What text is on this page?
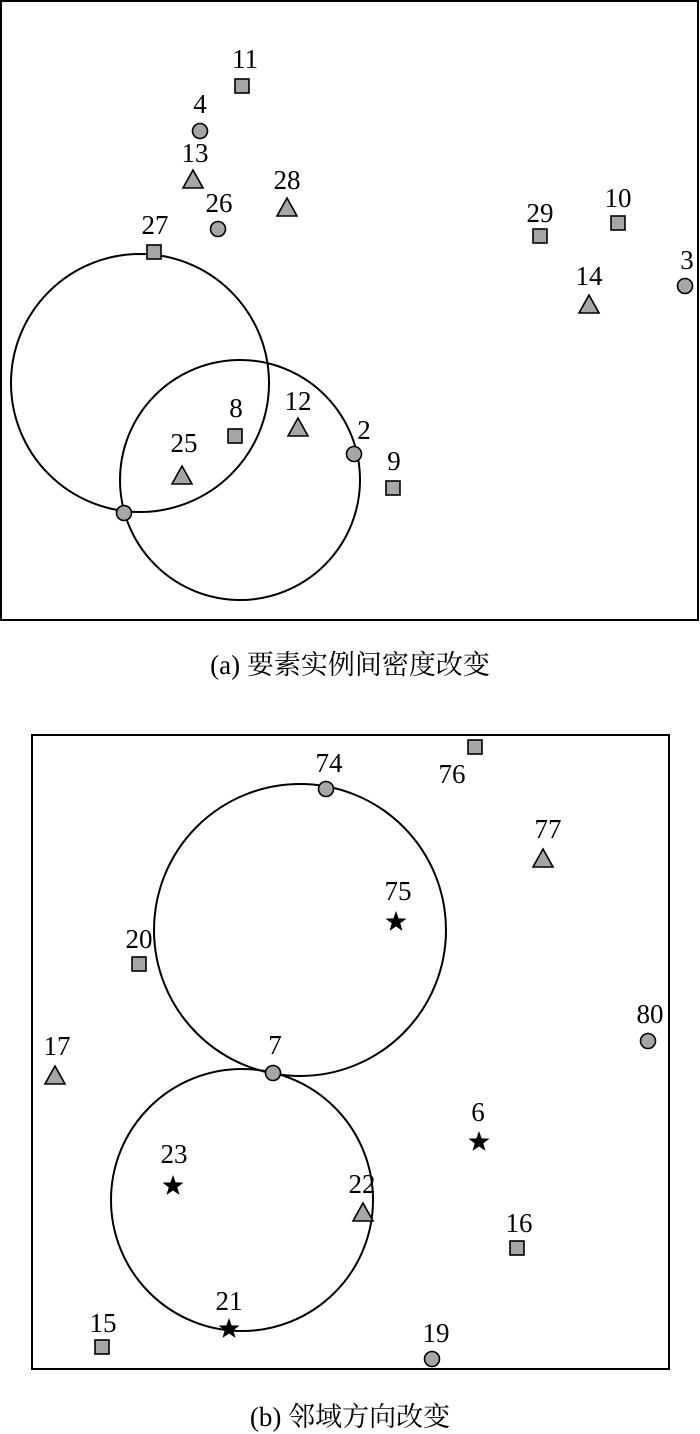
11
4
13
28
26
27	29 10
3
14
8 12
2
25
9
(a) 要素实例间密度改变
74	76
77
75
20
80
17	7
6
23
22
16
21
15	19
(b) 邻域方向改变
